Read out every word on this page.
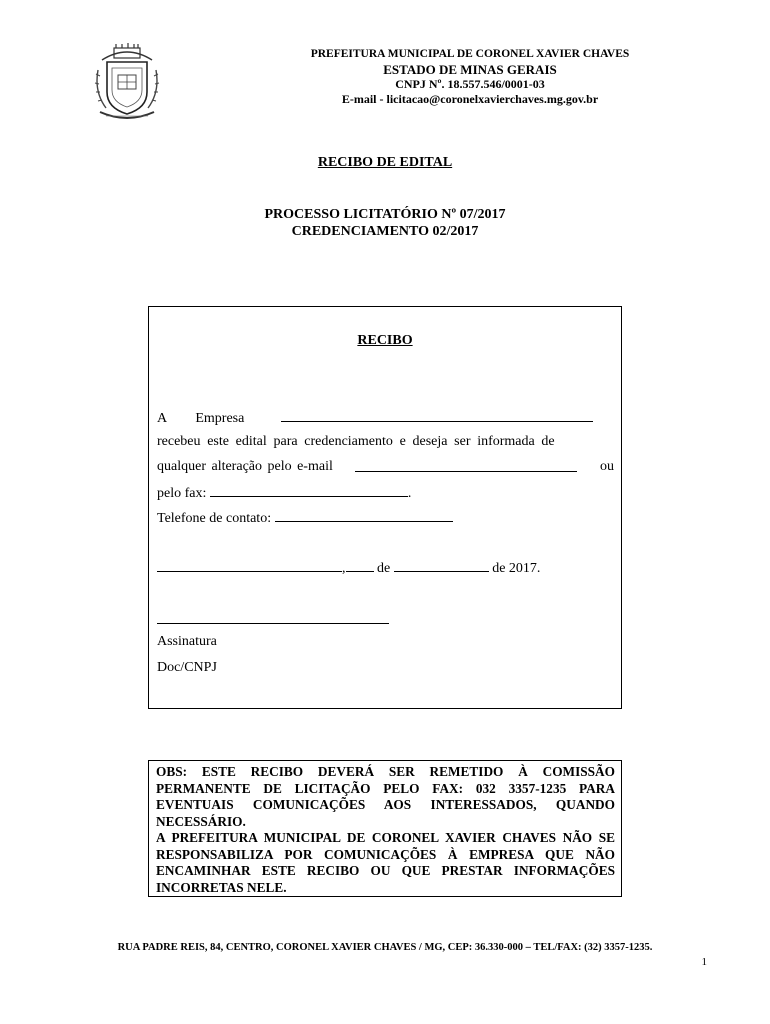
PREFEITURA MUNICIPAL DE CORONEL XAVIER CHAVES
ESTADO DE MINAS GERAIS
CNPJ Nº. 18.557.546/0001-03
E-mail - licitacao@coronelxavierchaves.mg.gov.br
RECIBO DE EDITAL
PROCESSO LICITATÓRIO Nº 07/2017
CREDENCIAMENTO 02/2017
RECIBO
A Empresa
recebeu este edital para credenciamento e deseja ser informada de
qualquer alteração pelo e-mail	ou
pelo fax:	.
Telefone de contato:
, de	de 2017.
Assinatura
Doc/CNPJ

OBS: ESTE RECIBO DEVERÁ SER REMETIDO À COMISSÃO PERMANENTE DE LICITAÇÃO PELO FAX: 032 3357-1235 PARA EVENTUAIS COMUNICAÇÕES AOS INTERESSADOS, QUANDO NECESSÁRIO.

A PREFEITURA MUNICIPAL DE CORONEL XAVIER CHAVES NÃO SE RESPONSABILIZA POR COMUNICAÇÕES À EMPRESA QUE NÃO ENCAMINHAR ESTE RECIBO OU QUE PRESTAR INFORMAÇÕES INCORRETAS NELE.

RUA PADRE REIS, 84, CENTRO, CORONEL XAVIER CHAVES / MG, CEP: 36.330-000 – TEL/FAX: (32) 3357-1235.
1
